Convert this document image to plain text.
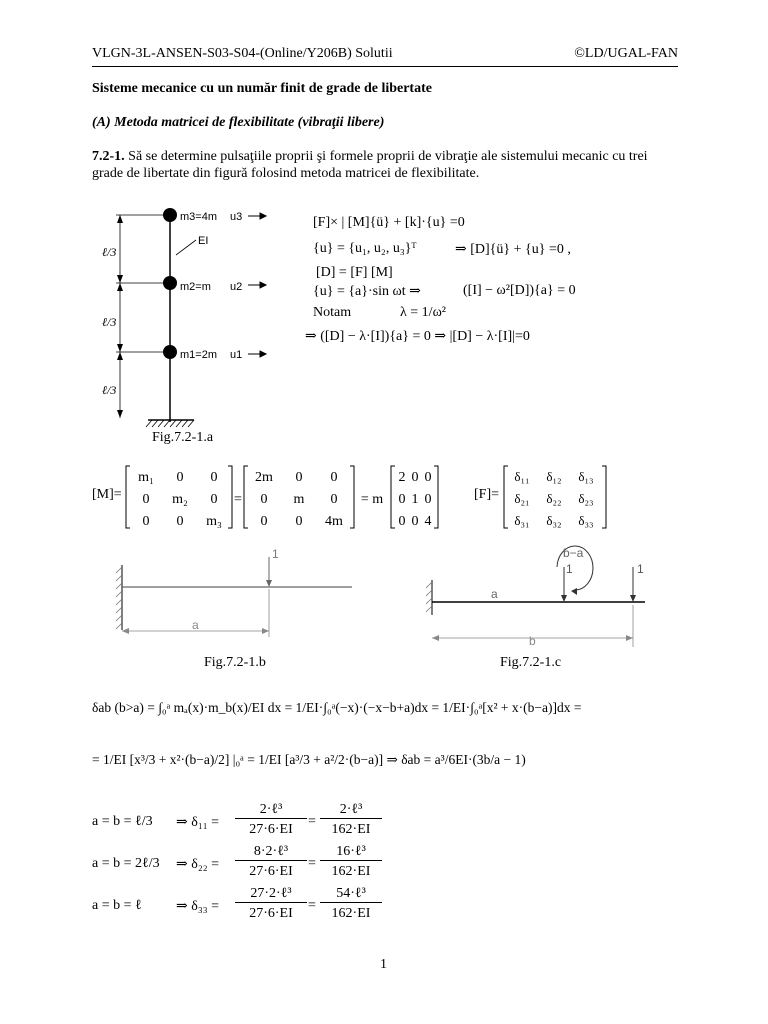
VLGN-3L-ANSEN-S03-S04-(Online/Y206B) Solutii	©LD/UGAL-FAN
Sisteme mecanice cu un număr finit de grade de libertate
(A) Metoda matricei de flexibilitate (vibraţii libere)
7.2-1. Să se determine pulsaţiile proprii şi formele proprii de vibraţie ale sistemului mecanic cu trei grade de libertate din figură folosind metoda matricei de flexibilitate.
ℓ/3
ℓ/3
ℓ/3
m3=4m
m2=m
m1=2m
u3
u2
u1
EI
Fig.7.2-1.a
[F]× | [M]{ü} + [k]·{u} =0
{u} = {u₁, u₂, u₃}ᵀ	⇒ [D]{ü} + {u} =0 ,
[D] = [F] [M]
{u} = {a}·sin ωt ⇒	([I] − ω²[D]){a} = 0
Notam	λ = 1/ω²
⇒ ([D] − λ·[I]){a} = 0 ⇒ |[D] − λ·[I]|=0
[M]=
m₁ 0 0
0 m₂ 0
0 0 m₃
=
2m 0 0
0 m 0
0 0 4m
= m
2 0 0
0 1 0
0 0 4
[F]=
δ₁₁ δ₁₂ δ₁₃
δ₂₁ δ₂₂ δ₂₃
δ₃₁ δ₃₂ δ₃₃
1
a
Fig.7.2-1.b
1	1
b−a
a
b
Fig.7.2-1.c
δab (b>a) = ∫₀ᵃ mₐ(x)·m_b(x)/EI dx = 1/EI·∫₀ᵃ(−x)·(−x−b+a)dx = 1/EI·∫₀ᵃ[x² + x·(b−a)]dx =
= 1/EI [x³/3 + x²·(b−a)/2] |₀ᵃ = 1/EI [a³/3 + a²/2·(b−a)] ⇒ δab = a³/6EI·(3b/a − 1)
a = b = ℓ/3 ⇒ δ₁₁ =
2·ℓ³
27·6·EI
=
2·ℓ³
162·EI
a = b = 2ℓ/3 ⇒ δ₂₂ =
8·2·ℓ³
27·6·EI
=
16·ℓ³
162·EI
a = b = ℓ ⇒ δ₃₃ =
27·2·ℓ³
27·6·EI
=
54·ℓ³
162·EI
1
